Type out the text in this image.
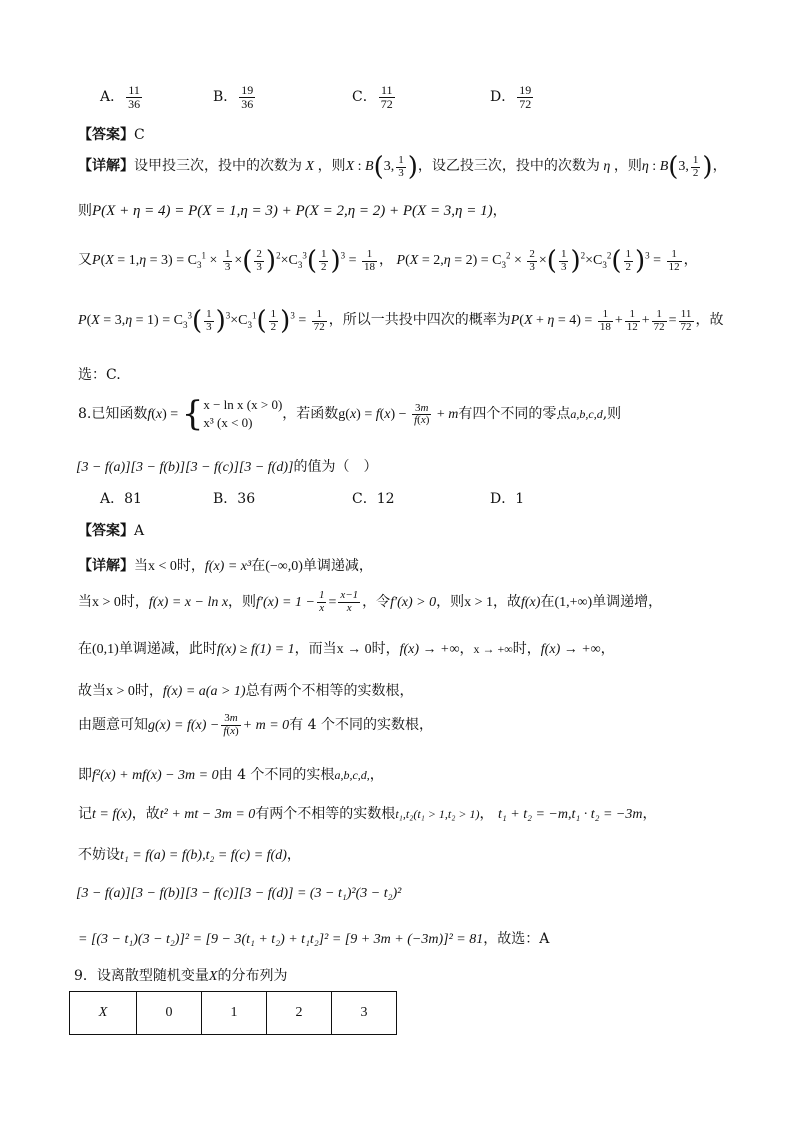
A． $\frac{11}{36}$	B． $\frac{19}{36}$	C． $\frac{11}{72}$	D． $\frac{19}{72}$
【答案】C
【详解】设甲投三次，投中的次数为 X ，则X : B(3, $\frac{1}{3}$ )，设乙投三次，投中的次数为 η ，则η : B(3, $\frac{1}{2}$ )，
则P(X + η = 4) = P(X = 1,η = 3) + P(X = 2,η = 2) + P(X = 3,η = 1)，
又$P(X = 1,\eta = 3) = C_3^1 \times \frac{1}{3}$ ×( $\frac{2}{3} )^2\times C_3^3( \frac{1}{2} )^3 = \frac{1}{18}$ ， $P(X = 2,\eta = 2) = C_3^2 \times \frac{2}{3}$ ×( $\frac{1}{3} )^2\times C_3^2( \frac{1}{2} )^3 = \frac{1}{12}$ ，
$P(X = 3,\eta = 1) = C_3^3( \frac{1}{3} )^3\times C_3^1( \frac{1}{2} )^3 = \frac{1}{72}$ ，所以一共投中四次的概率为$P(X + \eta = 4) = \frac{1}{18} + \frac{1}{12} + \frac{1}{72} = \frac{11}{72}$ ，故
选：C.
8.已知函数f(x) = { x − ln x (x > 0)
x³ (x < 0)
，若函数$g(x) = f(x) - \frac{3m}{f(x)} + m$有四个不同的零点a,b,c,d,则
[3 − f(a)][3 − f(b)][3 − f(c)][3 − f(d)]的值为（　）
A．81	B．36	C．12	D．1
【答案】A
【详解】当x < 0时，f(x) = x³在(−∞,0)单调递减，
当x > 0时，f(x) = x − ln x，则$f'(x) = 1 - \frac{1}{x} = \frac{x-1}{x}$ ，令f′(x) > 0，则x > 1，故f(x)在(1,+∞)单调递增，
在(0,1)单调递减，此时f(x) ≥ f(1) = 1，而当x → 0时，f(x) → +∞，x → +∞时，f(x) → +∞，
故当x > 0时，f(x) = a(a > 1)总有两个不相等的实数根，
由题意可知$g(x) = f(x) - \frac{3m}{f(x)} + m = 0$有 4 个不同的实数根，
即f²(x) + mf(x) − 3m = 0由 4 个不同的实根a,b,c,d,，
记t = f(x)，故t² + mt − 3m = 0有两个不相等的实数根t₁,t₂(t₁ > 1,t₂ > 1)， t₁ + t₂ = −m,t₁ · t₂ = −3m，
不妨设t₁ = f(a) = f(b),t₂ = f(c) = f(d)，
[3 − f(a)][3 − f(b)][3 − f(c)][3 − f(d)] = (3 − t₁)²(3 − t₂)²
= [(3 − t₁)(3 − t₂)]² = [9 − 3(t₁ + t₂) + t₁t₂]² = [9 + 3m + (−3m)]² = 81，故选：A
9．设离散型随机变量X的分布列为
X	0	1	2	3
